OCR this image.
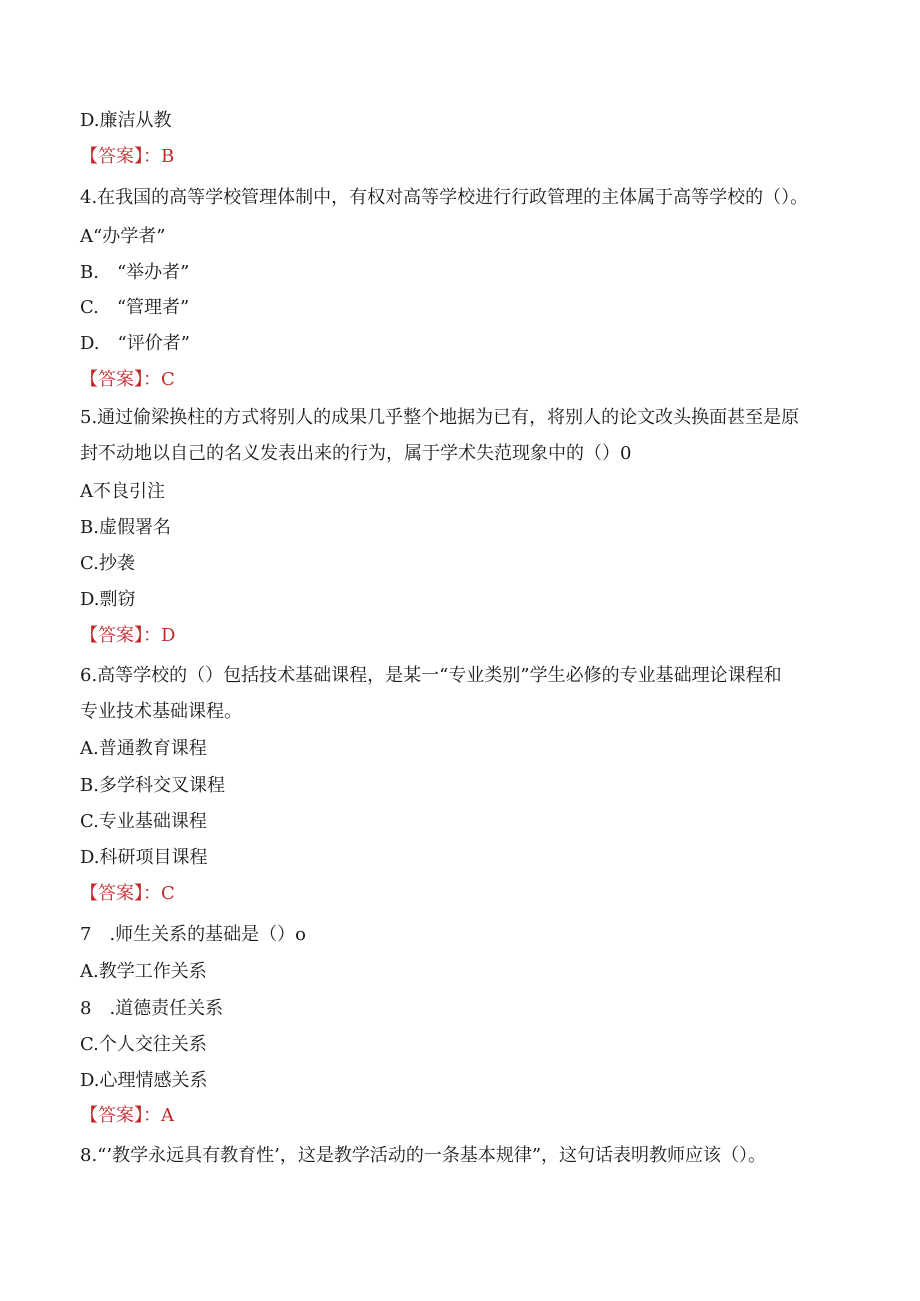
D.廉洁从教
【答案】：B
4.在我国的高等学校管理体制中，有权对高等学校进行行政管理的主体属于高等学校的（）。
A“办学者”
B.　“举办者”
C.　“管理者”
D.　“评价者”
【答案】：C
5.通过偷梁换柱的方式将别人的成果几乎整个地据为已有，将别人的论文改头换面甚至是原
封不动地以自己的名义发表出来的行为，属于学术失范现象中的（）0
A不良引注
B.虚假署名
C.抄袭
D.剽窃
【答案】：D
6.高等学校的（）包括技术基础课程，是某一“专业类别”学生必修的专业基础理论课程和
专业技术基础课程。
A.普通教育课程
B.多学科交叉课程
C.专业基础课程
D.科研项目课程
【答案】：C
7　.师生关系的基础是（）o
A.教学工作关系
8　.道德责任关系
C.个人交往关系
D.心理情感关系
【答案】：A
8.“’教学永远具有教育性’，这是教学活动的一条基本规律”，这句话表明教师应该（）。
